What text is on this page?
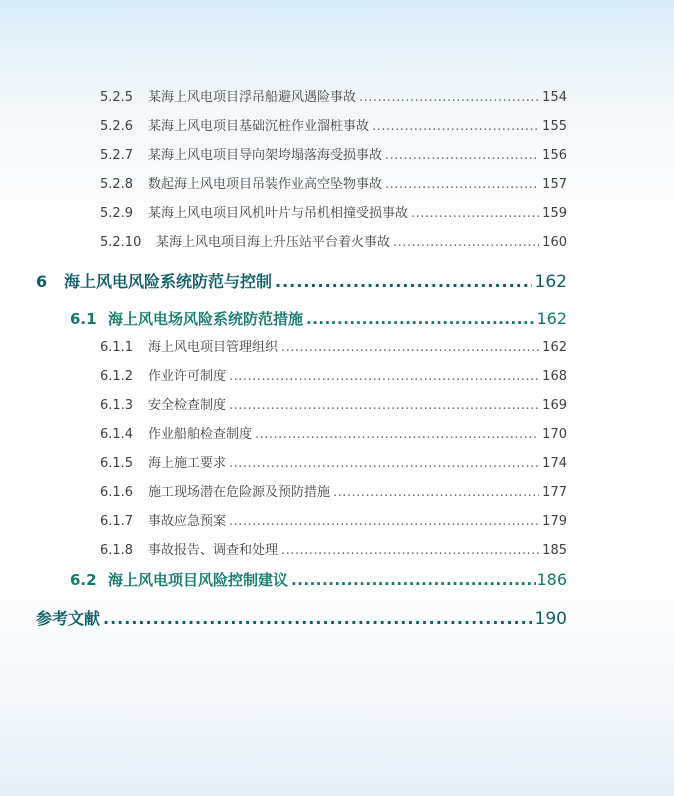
5.2.5	某海上风电项目浮吊船避风遇险事故 .....	154
5.2.6	某海上风电项目基础沉桩作业溜桩事故 .....	155
5.2.7	某海上风电项目导向架垮塌落海受损事故 .....	156
5.2.8	数起海上风电项目吊装作业高空坠物事故 .....	157
5.2.9	某海上风电项目风机叶片与吊机相撞受损事故 .....	159
5.2.10	某海上风电项目海上升压站平台着火事故 .....	160
6	海上风电风险系统防范与控制 .....	162
6.1 海上风电场风险系统防范措施 .....	162
6.1.1	海上风电项目管理组织 .....	162
6.1.2	作业许可制度 .....	168
6.1.3	安全检查制度 .....	169
6.1.4	作业船舶检查制度 .....	170
6.1.5	海上施工要求 .....	174
6.1.6	施工现场潜在危险源及预防措施 .....	177
6.1.7	事故应急预案 .....	179
6.1.8	事故报告、调查和处理 .....	185
6.2 海上风电项目风险控制建议 .....	186
参考文献 .....	190
